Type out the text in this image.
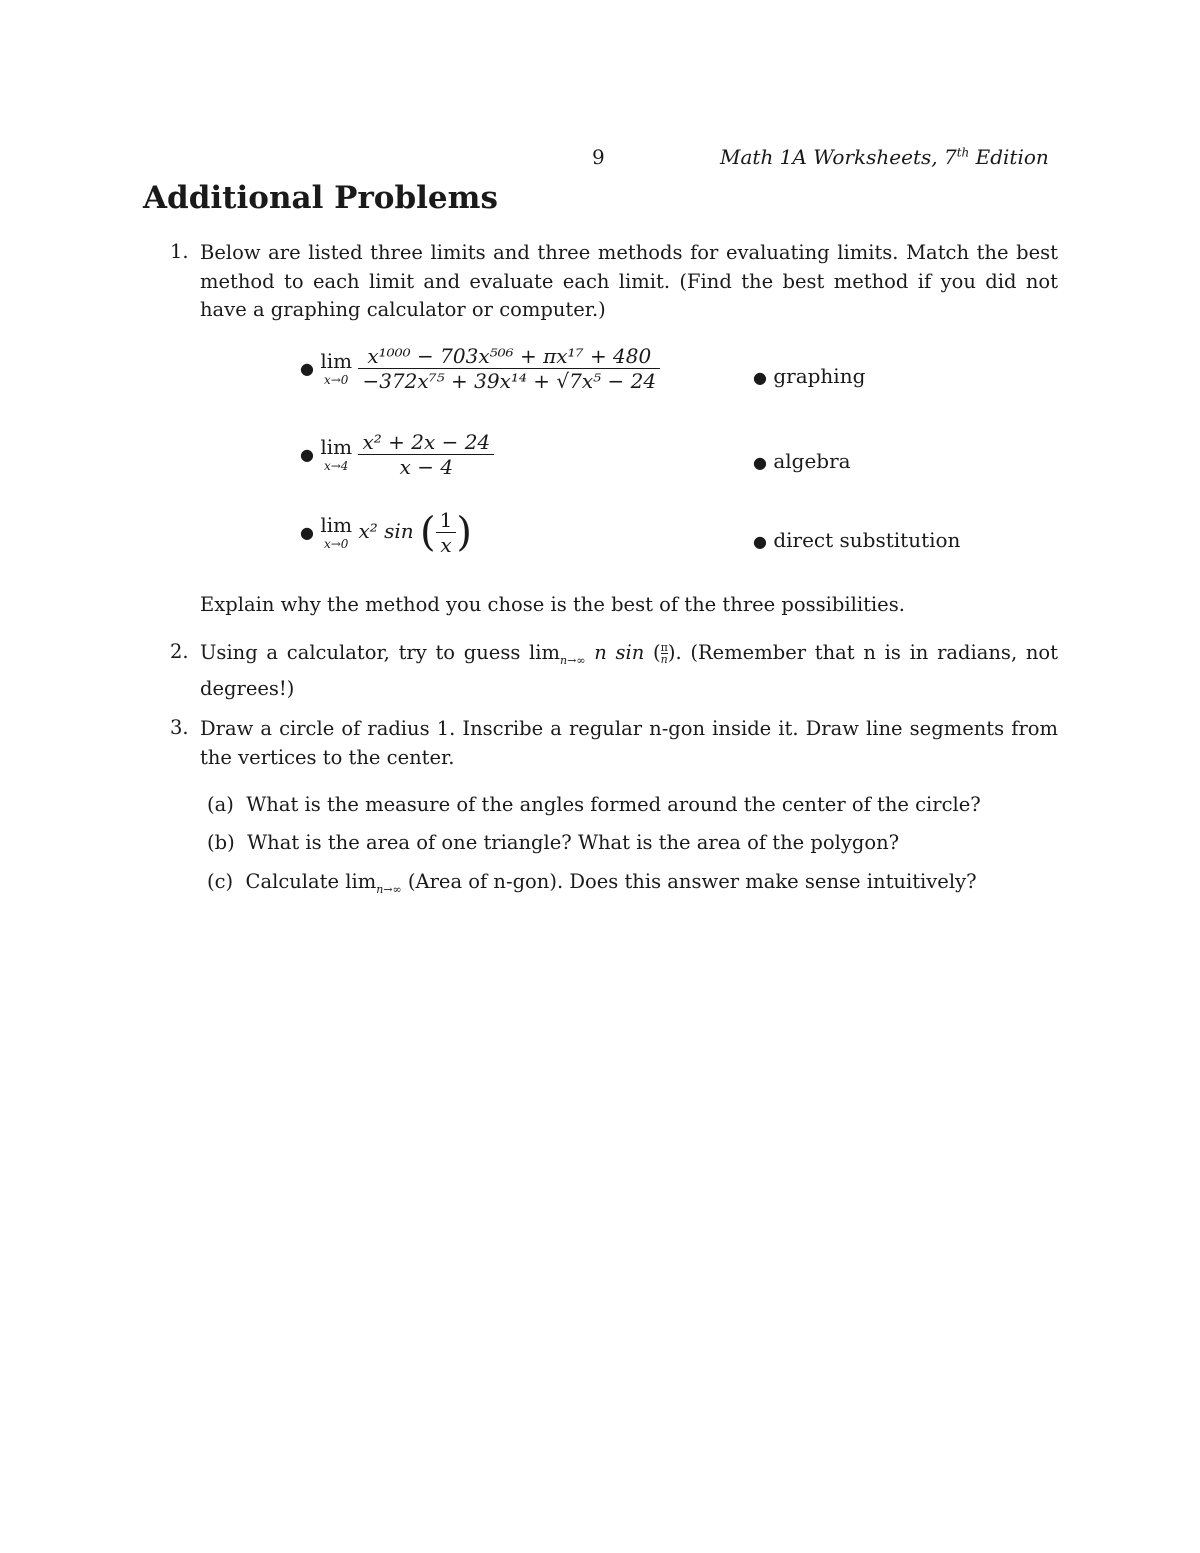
9	Math 1A Worksheets, 7th Edition
Additional Problems
1. Below are listed three limits and three methods for evaluating limits. Match the best method to each limit and evaluate each limit. (Find the best method if you did not have a graphing calculator or computer.)
● lim
x→0
$\frac{\text{x¹⁰⁰⁰ − 703x⁵⁰⁶ + πx¹⁷ + 480}}{\text{−372x⁷⁵ + 39x¹⁴ + √7x⁵ − 24}}$	● graphing
● lim
x→4
$\frac{\text{x² + 2x − 24}}{x - 4}$	● algebra
● lim
x→0
x² sin ( $\frac{1}{x}$ )	● direct substitution
Explain why the method you chose is the best of the three possibilities.
2. Using a calculator, try to guess $\lim_{n\to\infty} n$ sin ( $\frac{\pi}{n}$ ). (Remember that n is in radians, not degrees!)
3. Draw a circle of radius 1. Inscribe a regular n-gon inside it. Draw line segments from the vertices to the center.
(a) What is the measure of the angles formed around the center of the circle?
(b) What is the area of one triangle? What is the area of the polygon?
(c) Calculate $\lim_{n\to\infty}$ (Area of n-gon). Does this answer make sense intuitively?
